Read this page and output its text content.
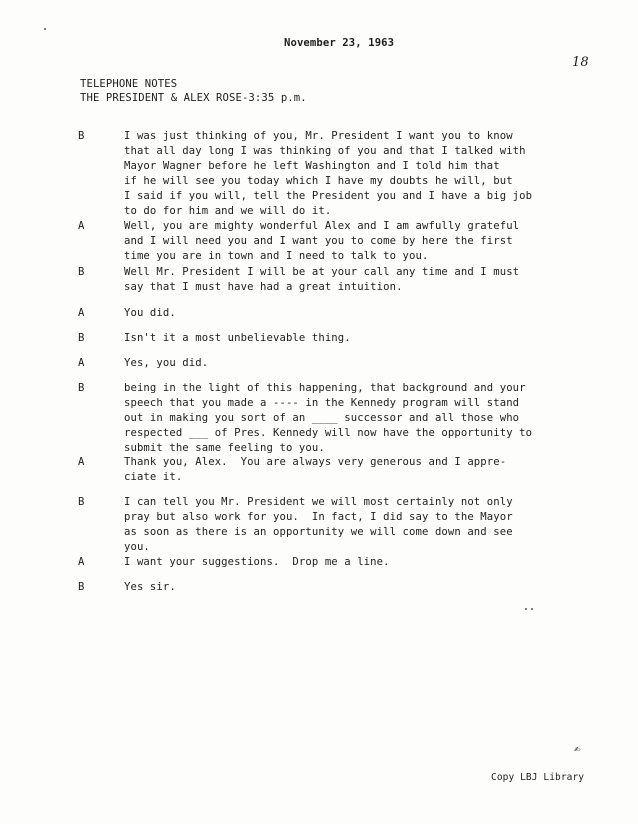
November 23, 1963
18
TELEPHONE NOTES
THE PRESIDENT & ALEX ROSE-3:35 p.m.
B	I was just thinking of you, Mr. President I want you to know
that all day long I was thinking of you and that I talked with
Mayor Wagner before he left Washington and I told him that
if he will see you today which I have my doubts he will, but
I said if you will, tell the President you and I have a big job
to do for him and we will do it.
A	Well, you are mighty wonderful Alex and I am awfully grateful
and I will need you and I want you to come by here the first
time you are in town and I need to talk to you.
B	Well Mr. President I will be at your call any time and I must
say that I must have had a great intuition.
A	You did.
B	Isn't it a most unbelievable thing.
A	Yes, you did.
B	being in the light of this happening, that background and your
speech that you made a ---- in the Kennedy program will stand
out in making you sort of an ____ successor and all those who
respected ___ of Pres. Kennedy will now have the opportunity to
submit the same feeling to you.
A	Thank you, Alex.  You are always very generous and I appre-
ciate it.
B	I can tell you Mr. President we will most certainly not only
pray but also work for you.  In fact, I did say to the Mayor
as soon as there is an opportunity we will come down and see
you.
A	I want your suggestions.  Drop me a line.
B	Yes sir.
✍
Copy LBJ Library
